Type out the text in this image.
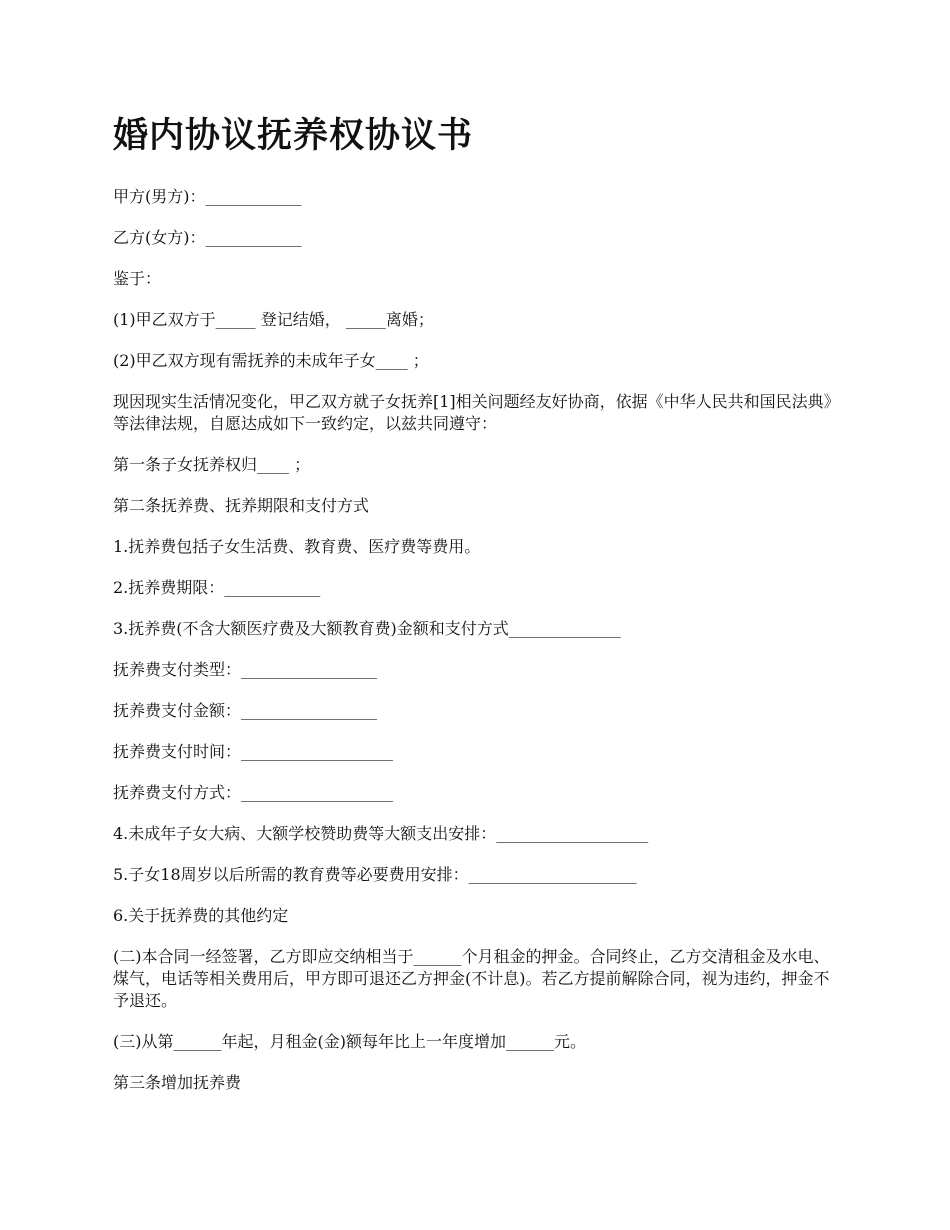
婚内协议抚养权协议书

甲方(男方)：____________

乙方(女方)：____________

鉴于：

(1)甲乙双方于_____ 登记结婚， _____离婚；

(2)甲乙双方现有需抚养的未成年子女____ ；

现因现实生活情况变化，甲乙双方就子女抚养[1]相关问题经友好协商，依据《中华人民共和国民法典》等法律法规，自愿达成如下一致约定，以兹共同遵守：

第一条子女抚养权归____ ；

第二条抚养费、抚养期限和支付方式

1.抚养费包括子女生活费、教育费、医疗费等费用。

2.抚养费期限：____________

3.抚养费(不含大额医疗费及大额教育费)金额和支付方式______________

抚养费支付类型：_________________

抚养费支付金额：_________________

抚养费支付时间：___________________

抚养费支付方式：___________________

4.未成年子女大病、大额学校赞助费等大额支出安排：___________________

5.子女18周岁以后所需的教育费等必要费用安排：_____________________

6.关于抚养费的其他约定

(二)本合同一经签署，乙方即应交纳相当于______个月租金的押金。合同终止，乙方交清租金及水电、煤气，电话等相关费用后，甲方即可退还乙方押金(不计息)。若乙方提前解除合同，视为违约，押金不予退还。

(三)从第______年起，月租金(金)额每年比上一年度增加______元。

第三条增加抚养费
